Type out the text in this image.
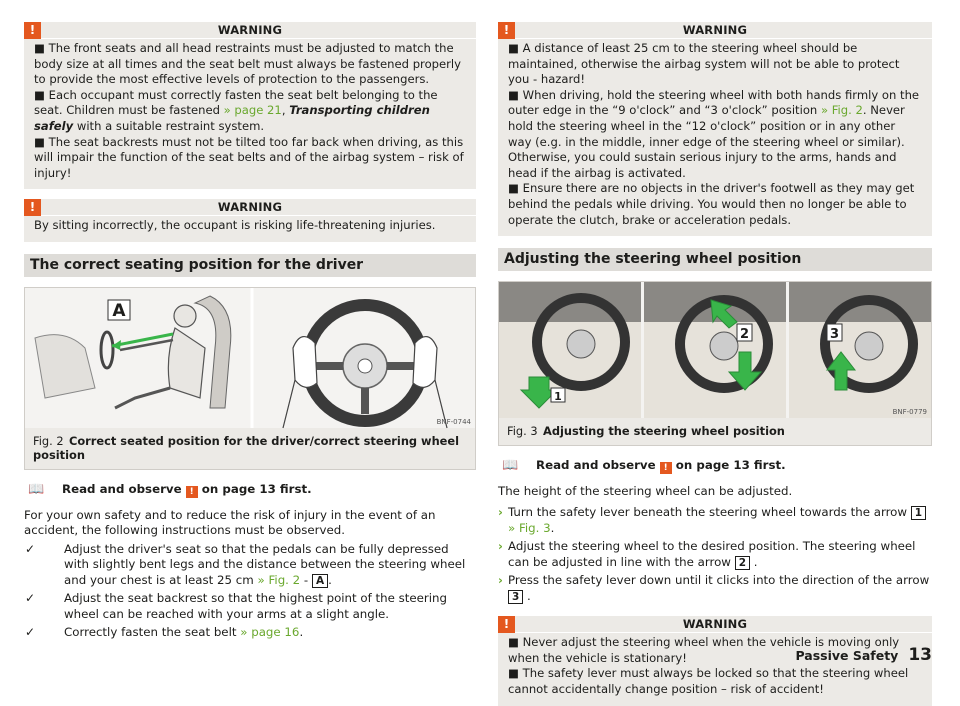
!	WARNING

■ The front seats and all head restraints must be adjusted to match the body size at all times and the seat belt must always be fastened properly to provide the most effective levels of protection to the passengers.

■ Each occupant must correctly fasten the seat belt belonging to the seat. Children must be fastened » page 21, Transporting children safely with a suitable restraint system.

■ The seat backrests must not be tilted too far back when driving, as this will impair the function of the seat belts and of the airbag system – risk of injury!

!	WARNING

By sitting incorrectly, the occupant is risking life-threatening injuries.

The correct seating position for the driver
A
BNF-0744
Fig. 2 Correct seated position for the driver/correct steering wheel position
📖 Read and observe ! on page 13 first.

For your own safety and to reduce the risk of injury in the event of an accident, the following instructions must be observed.

✓ Adjust the driver's seat so that the pedals can be fully depressed with slightly bent legs and the distance between the steering wheel and your chest is at least 25 cm » Fig. 2 - A .
✓ Adjust the seat backrest so that the highest point of the steering wheel can be reached with your arms at a slight angle.
✓ Correctly fasten the seat belt » page 16.
!	WARNING

■ A distance of least 25 cm to the steering wheel should be maintained, otherwise the airbag system will not be able to protect you - hazard!

■ When driving, hold the steering wheel with both hands firmly on the outer edge in the “9 o'clock” and “3 o'clock” position » Fig. 2. Never hold the steering wheel in the “12 o'clock” position or in any other way (e.g. in the middle, inner edge of the steering wheel or similar). Otherwise, you could sustain serious injury to the arms, hands and head if the airbag is activated.

■ Ensure there are no objects in the driver's footwell as they may get behind the pedals while driving. You would then no longer be able to operate the clutch, brake or acceleration pedals.

Adjusting the steering wheel position
1
2	3
BNF-0779
Fig. 3 Adjusting the steering wheel position
📖 Read and observe ! on page 13 first.

The height of the steering wheel can be adjusted.

› Turn the safety lever beneath the steering wheel towards the arrow 1
» Fig. 3.
› Adjust the steering wheel to the desired position. The steering wheel can be adjusted in line with the arrow 2 .
› Press the safety lever down until it clicks into the direction of the arrow 3 .
!	WARNING

■ Never adjust the steering wheel when the vehicle is moving only when the vehicle is stationary!

■ The safety lever must always be locked so that the steering wheel cannot accidentally change position – risk of accident!

Passive Safety 13
